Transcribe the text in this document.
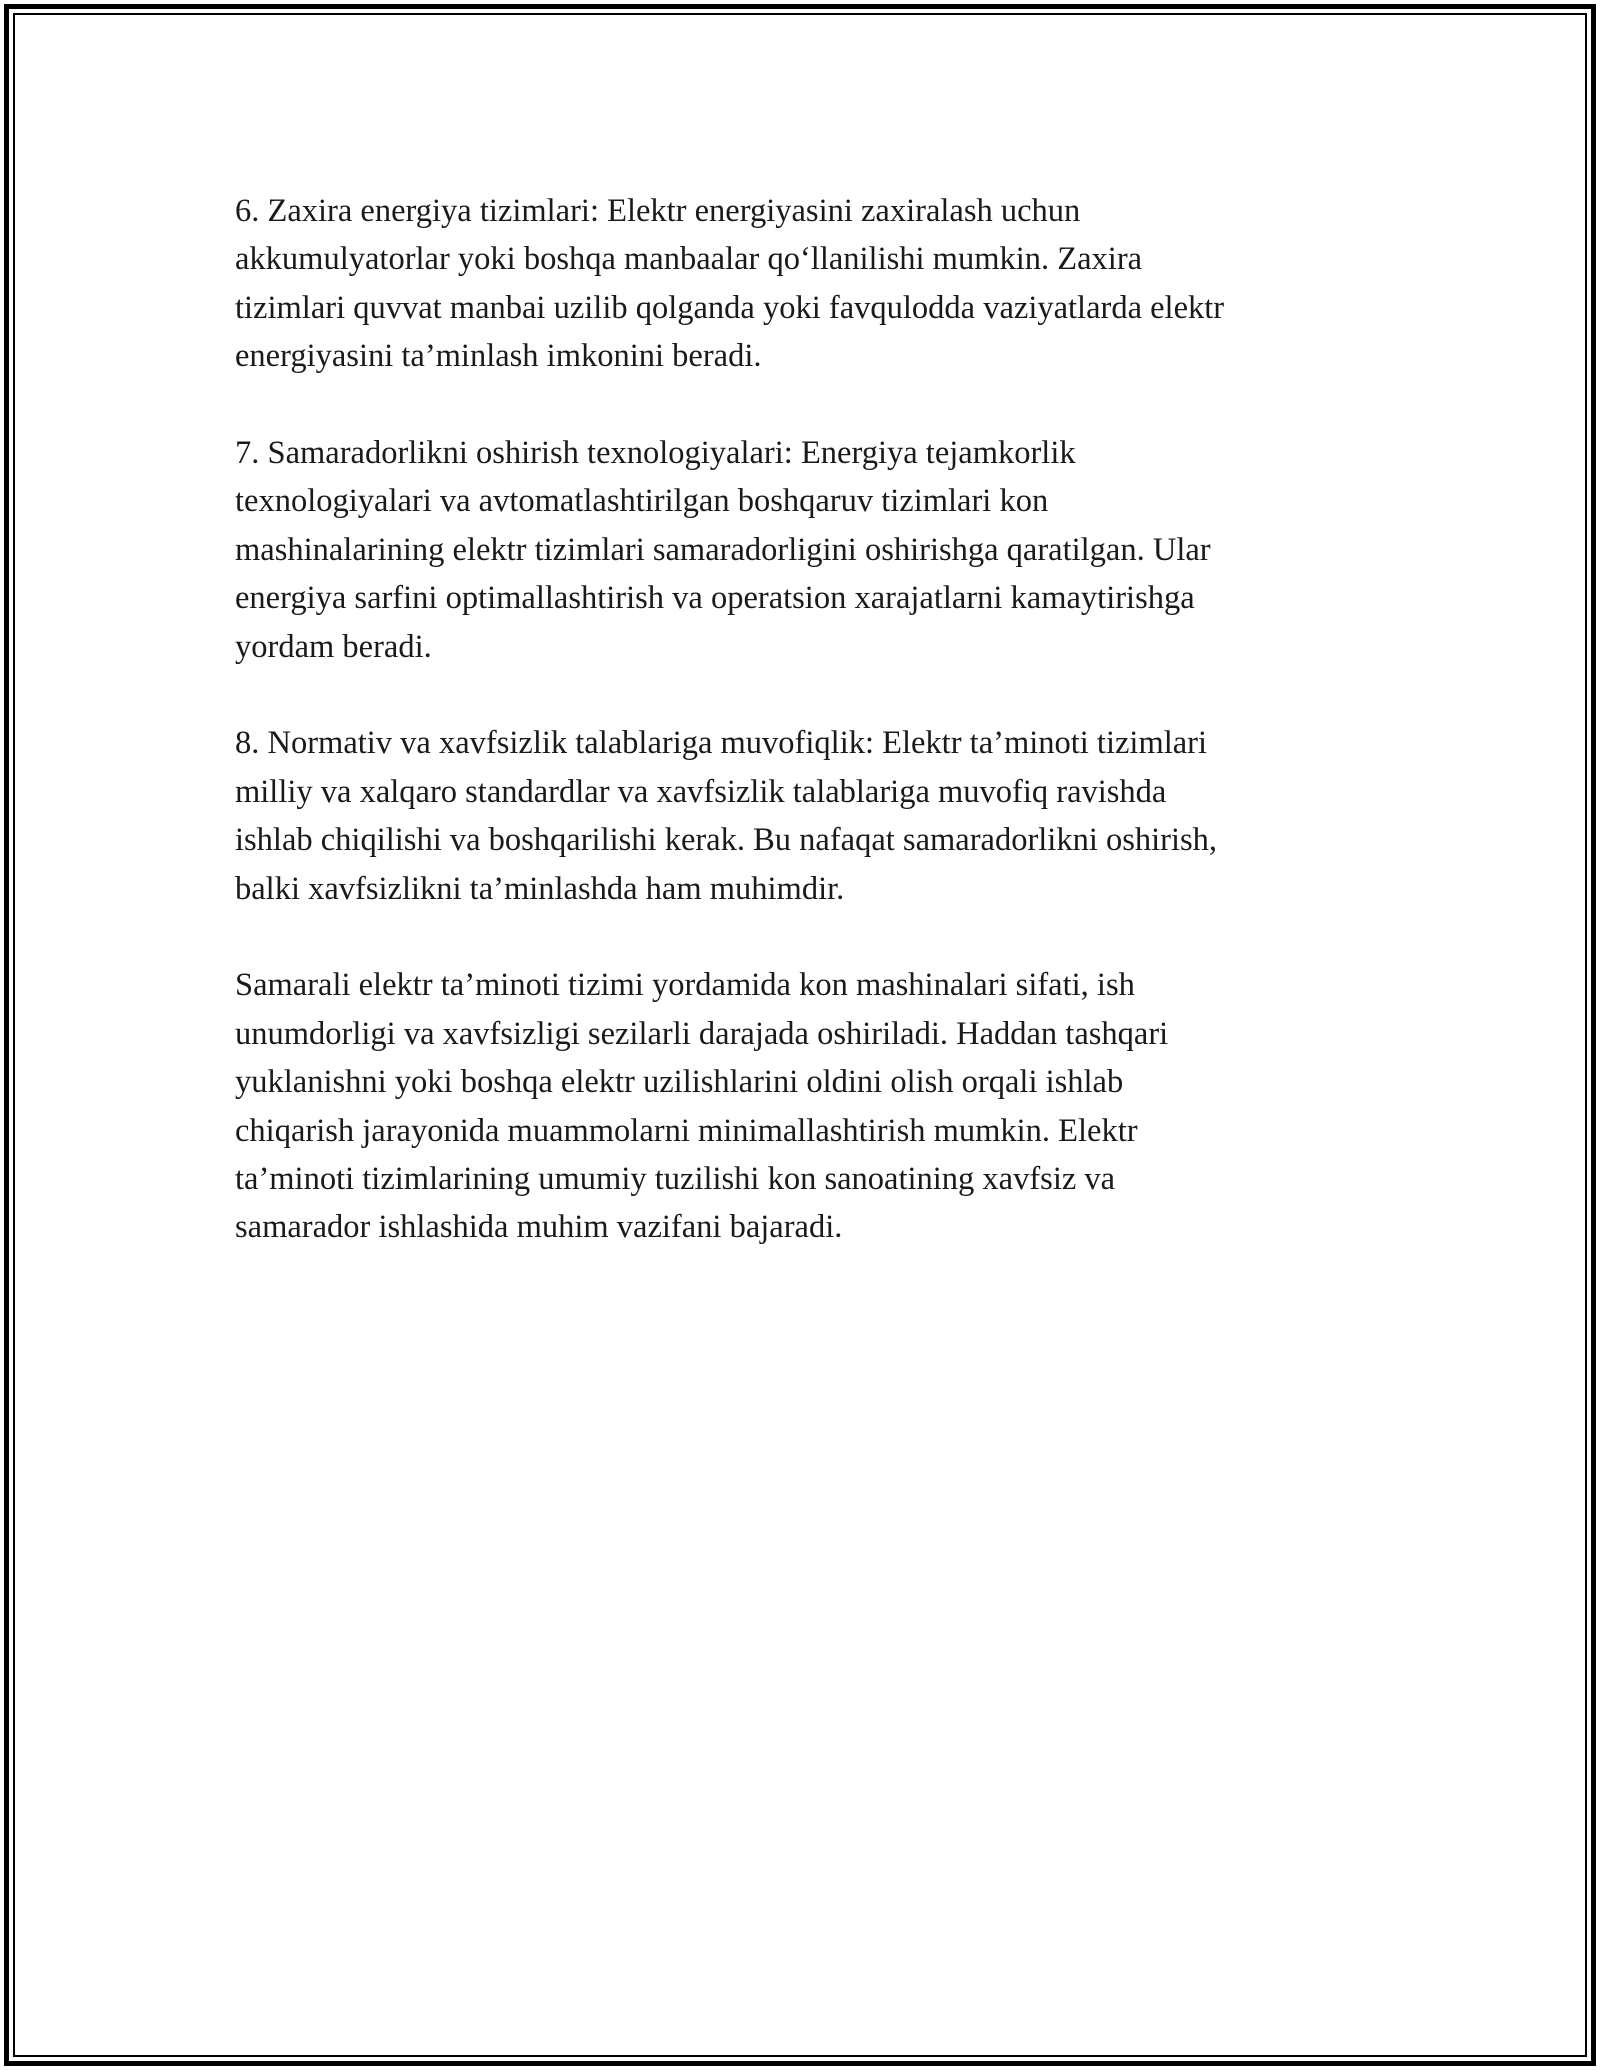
6. Zaxira energiya tizimlari: Elektr energiyasini zaxiralash uchun
akkumulyatorlar yoki boshqa manbaalar qo‘llanilishi mumkin. Zaxira
tizimlari quvvat manbai uzilib qolganda yoki favqulodda vaziyatlarda elektr
energiyasini ta’minlash imkonini beradi.

7. Samaradorlikni oshirish texnologiyalari: Energiya tejamkorlik
texnologiyalari va avtomatlashtirilgan boshqaruv tizimlari kon
mashinalarining elektr tizimlari samaradorligini oshirishga qaratilgan. Ular
energiya sarfini optimallashtirish va operatsion xarajatlarni kamaytirishga
yordam beradi.

8. Normativ va xavfsizlik talablariga muvofiqlik: Elektr ta’minoti tizimlari
milliy va xalqaro standardlar va xavfsizlik talablariga muvofiq ravishda
ishlab chiqilishi va boshqarilishi kerak. Bu nafaqat samaradorlikni oshirish,
balki xavfsizlikni ta’minlashda ham muhimdir.

Samarali elektr ta’minoti tizimi yordamida kon mashinalari sifati, ish
unumdorligi va xavfsizligi sezilarli darajada oshiriladi. Haddan tashqari
yuklanishni yoki boshqa elektr uzilishlarini oldini olish orqali ishlab
chiqarish jarayonida muammolarni minimallashtirish mumkin. Elektr
ta’minoti tizimlarining umumiy tuzilishi kon sanoatining xavfsiz va
samarador ishlashida muhim vazifani bajaradi.
